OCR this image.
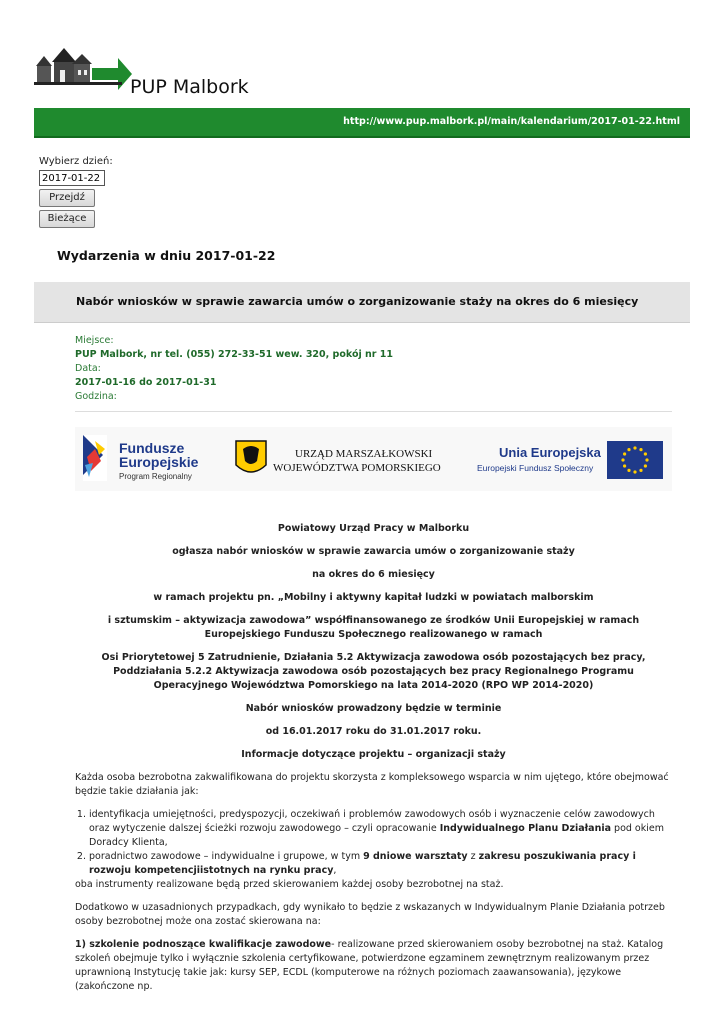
PUP Malbork
http://www.pup.malbork.pl/main/kalendarium/2017-01-22.html
Wybierz dzień:
2017-01-22
Przejdź
Bieżące
Wydarzenia w dniu 2017-01-22
Nabór wniosków w sprawie zawarcia umów o zorganizowanie staży na okres do 6 miesięcy
Miejsce:
PUP Malbork, nr tel. (055) 272-33-51 wew. 320, pokój nr 11
Data:
2017-01-16 do 2017-01-31
Godzina:
Fundusze
Europejskie
Program Regionalny
URZĄD MARSZAŁKOWSKI
WOJEWÓDZTWA POMORSKIEGO
Unia Europejska
Europejski Fundusz Społeczny

Powiatowy Urząd Pracy w Malborku

ogłasza nabór wniosków w sprawie zawarcia umów o zorganizowanie staży

na okres do 6 miesięcy

w ramach projektu pn. „Mobilny i aktywny kapitał ludzki w powiatach malborskim

i sztumskim – aktywizacja zawodowa” współfinansowanego ze środków Unii Europejskiej w ramach Europejskiego Funduszu Społecznego realizowanego w ramach

Osi Priorytetowej 5 Zatrudnienie, Działania 5.2 Aktywizacja zawodowa osób pozostających bez pracy, Poddziałania 5.2.2 Aktywizacja zawodowa osób pozostających bez pracy Regionalnego Programu Operacyjnego Województwa Pomorskiego na lata 2014-2020 (RPO WP 2014-2020)

Nabór wniosków prowadzony będzie w terminie

od 16.01.2017 roku do 31.01.2017 roku.

Informacje dotyczące projektu – organizacji staży

Każda osoba bezrobotna zakwalifikowana do projektu skorzysta z kompleksowego wsparcia w nim ujętego, które obejmować będzie takie działania jak:

1. identyfikacja umiejętności, predyspozycji, oczekiwań i problemów zawodowych osób i wyznaczenie celów zawodowych oraz wytyczenie dalszej ścieżki rozwoju zawodowego – czyli opracowanie Indywidualnego Planu Działania pod okiem Doradcy Klienta,
2. poradnictwo zawodowe – indywidualne i grupowe, w tym 9 dniowe warsztaty z zakresu poszukiwania pracy i rozwoju kompetencjiistotnych na rynku pracy,

oba instrumenty realizowane będą przed skierowaniem każdej osoby bezrobotnej na staż.

Dodatkowo w uzasadnionych przypadkach, gdy wynikało to będzie z wskazanych w Indywidualnym Planie Działania potrzeb osoby bezrobotnej może ona zostać skierowana na:

1) szkolenie podnoszące kwalifikacje zawodowe- realizowane przed skierowaniem osoby bezrobotnej na staż. Katalog szkoleń obejmuje tylko i wyłącznie szkolenia certyfikowane, potwierdzone egzaminem zewnętrznym realizowanym przez uprawnioną Instytucję takie jak: kursy SEP, ECDL (komputerowe na różnych poziomach zaawansowania), językowe (zakończone np.
